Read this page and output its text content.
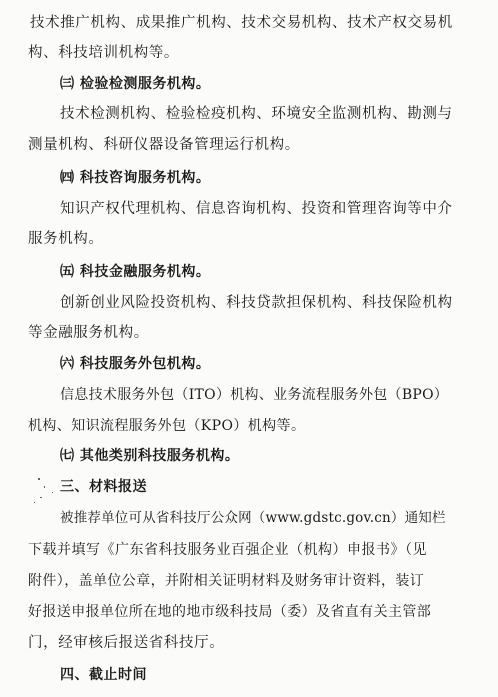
技术推广机构、成果推广机构、技术交易机构、技术产权交易机
构、科技培训机构等。
㈢ 检验检测服务机构。
技术检测机构、检验检疫机构、环境安全监测机构、勘测与
测量机构、科研仪器设备管理运行机构。
㈣ 科技咨询服务机构。
知识产权代理机构、信息咨询机构、投资和管理咨询等中介
服务机构。
㈤ 科技金融服务机构。
创新创业风险投资机构、科技贷款担保机构、科技保险机构
等金融服务机构。
㈥ 科技服务外包机构。
信息技术服务外包（ITO）机构、业务流程服务外包（BPO）
机构、知识流程服务外包（KPO）机构等。
㈦ 其他类别科技服务机构。
三、材料报送
被推荐单位可从省科技厅公众网（www.gdstc.gov.cn）通知栏
下载并填写《广东省科技服务业百强企业（机构）申报书》（见
附件），盖单位公章，并附相关证明材料及财务审计资料，装订
好报送申报单位所在地的地市级科技局（委）及省直有关主管部
门，经审核后报送省科技厅。
四、截止时间
